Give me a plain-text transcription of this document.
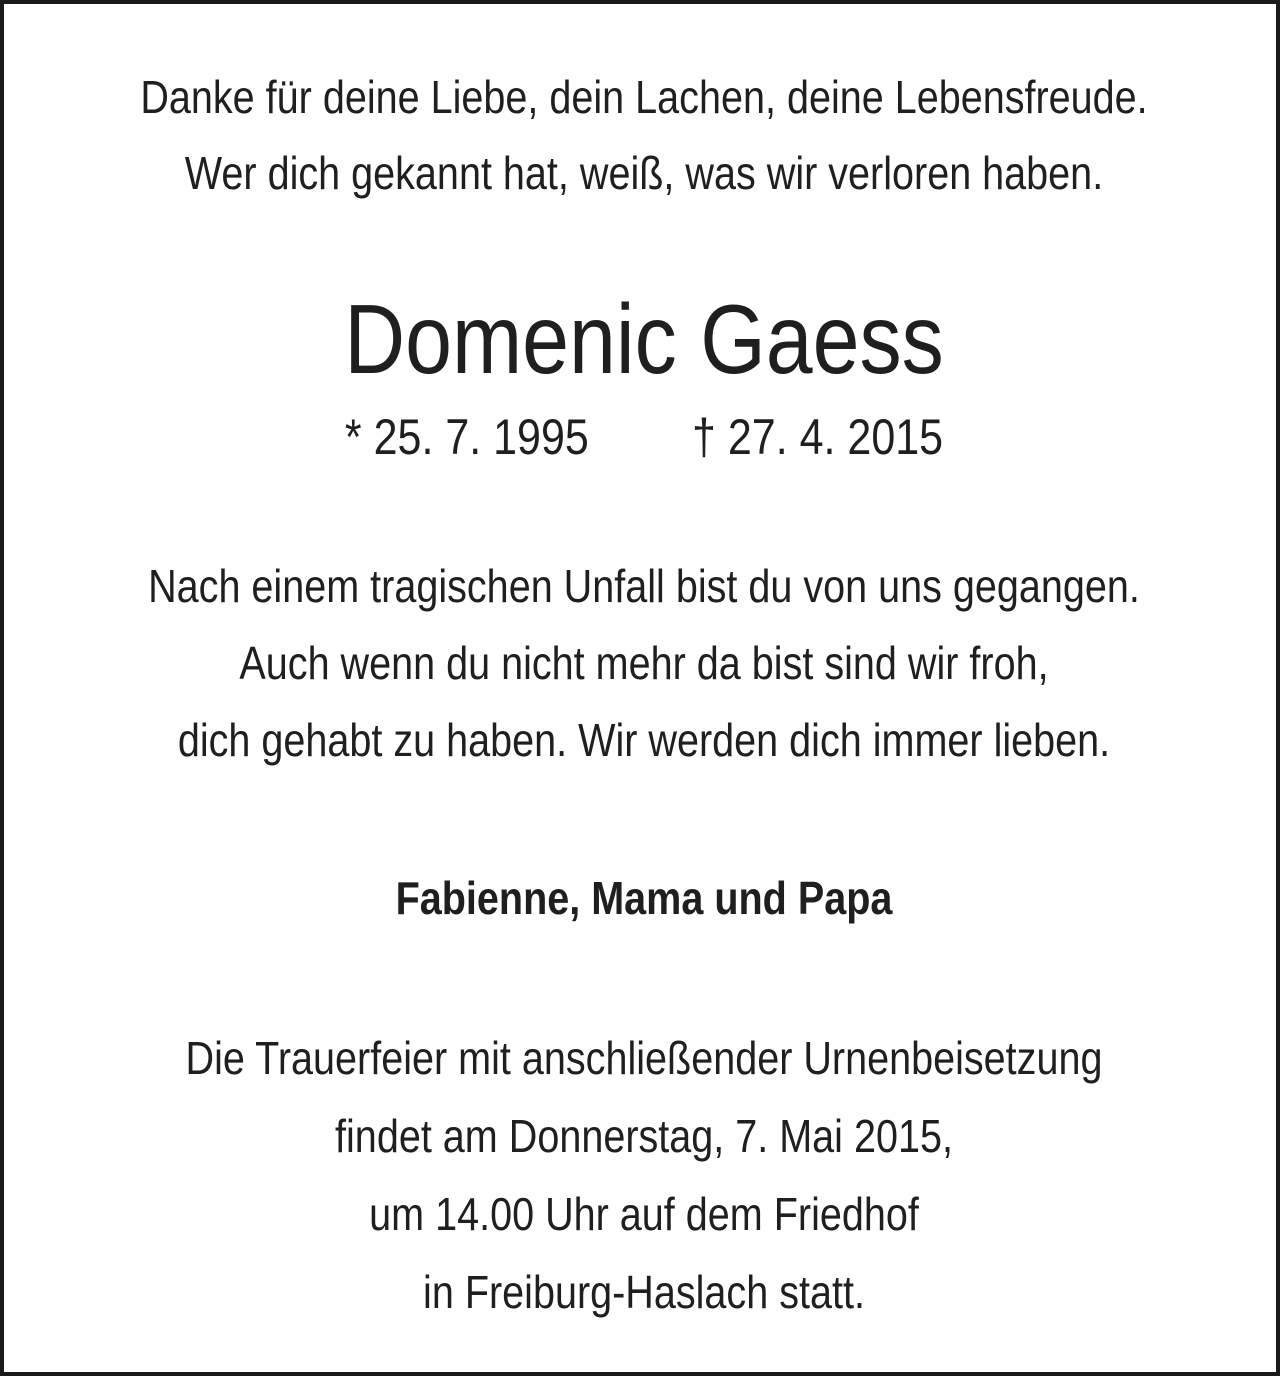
Danke für deine Liebe, dein Lachen, deine Lebensfreude.
Wer dich gekannt hat, weiß, was wir verloren haben.
Domenic Gaess
* 25. 7. 1995 † 27. 4. 2015
Nach einem tragischen Unfall bist du von uns gegangen.
Auch wenn du nicht mehr da bist sind wir froh,
dich gehabt zu haben. Wir werden dich immer lieben.
Fabienne, Mama und Papa
Die Trauerfeier mit anschließender Urnenbeisetzung
findet am Donnerstag, 7. Mai 2015,
um 14.00 Uhr auf dem Friedhof
in Freiburg-Haslach statt.
